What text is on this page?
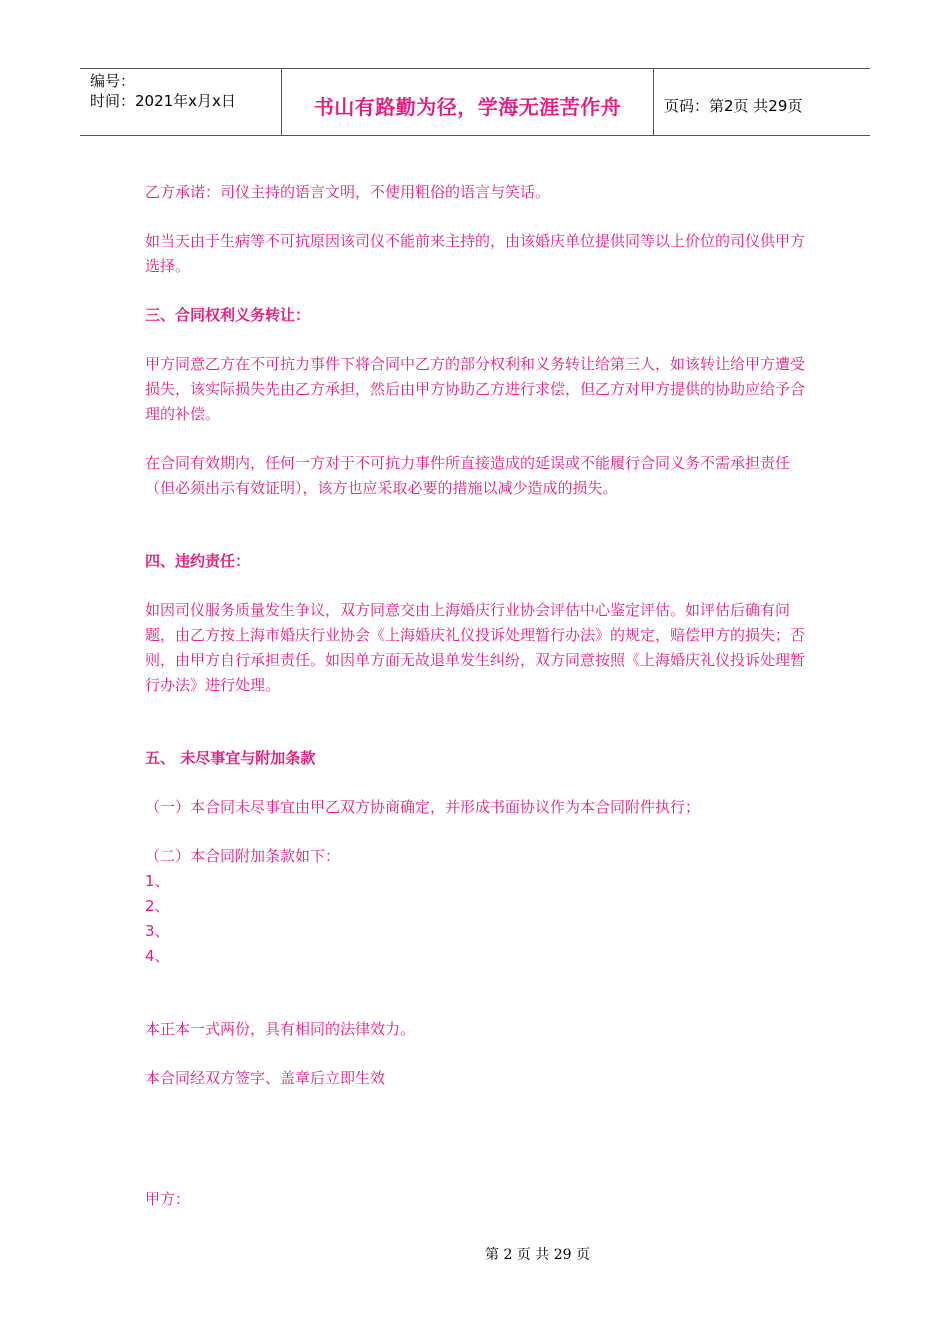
编号：
时间：2021年x月x日	书山有路勤为径，学海无涯苦作舟	页码：第2页 共29页

乙方承诺：司仪主持的语言文明，不使用粗俗的语言与笑话。

如当天由于生病等不可抗原因该司仪不能前来主持的，由该婚庆单位提供同等以上价位的司仪供甲方选择。

三、合同权利义务转让：

甲方同意乙方在不可抗力事件下将合同中乙方的部分权利和义务转让给第三人，如该转让给甲方遭受损失，该实际损失先由乙方承担，然后由甲方协助乙方进行求偿，但乙方对甲方提供的协助应给予合理的补偿。

在合同有效期内，任何一方对于不可抗力事件所直接造成的延误或不能履行合同义务不需承担责任（但必须出示有效证明），该方也应采取必要的措施以减少造成的损失。

四、违约责任：

如因司仪服务质量发生争议，双方同意交由上海婚庆行业协会评估中心鉴定评估。如评估后确有问题，由乙方按上海市婚庆行业协会《上海婚庆礼仪投诉处理暂行办法》的规定，赔偿甲方的损失；否则，由甲方自行承担责任。如因单方面无故退单发生纠纷，双方同意按照《上海婚庆礼仪投诉处理暂行办法》进行处理。

五、 未尽事宜与附加条款

（一）本合同未尽事宜由甲乙双方协商确定，并形成书面协议作为本合同附件执行；

（二）本合同附加条款如下：

1、

2、

3、

4、

本正本一式两份，具有相同的法律效力。

本合同经双方签字、盖章后立即生效

甲方：

第 2 页 共 29 页
